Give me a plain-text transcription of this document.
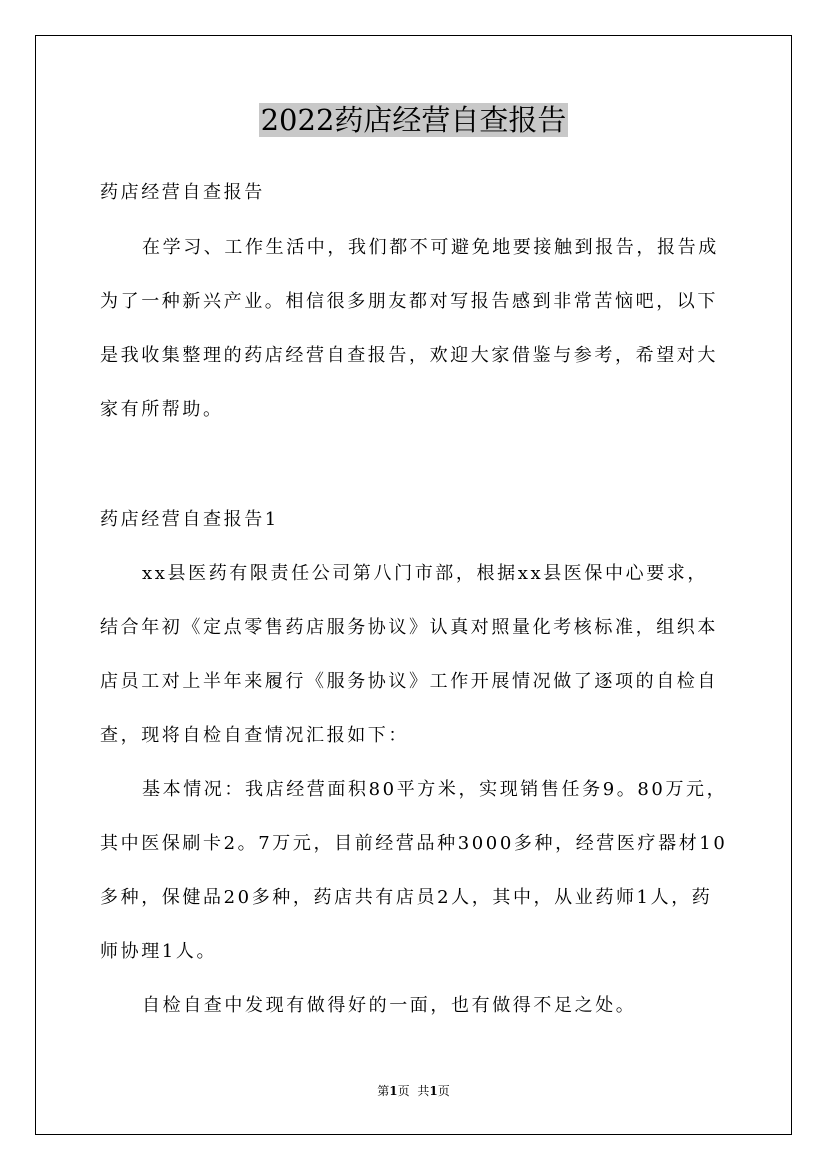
2022药店经营自查报告
药店经营自查报告
在学习、工作生活中，我们都不可避免地要接触到报告，报告成
为了一种新兴产业。相信很多朋友都对写报告感到非常苦恼吧，以下
是我收集整理的药店经营自查报告，欢迎大家借鉴与参考，希望对大
家有所帮助。
药店经营自查报告1
xx县医药有限责任公司第八门市部，根据xx县医保中心要求，
结合年初《定点零售药店服务协议》认真对照量化考核标准，组织本
店员工对上半年来履行《服务协议》工作开展情况做了逐项的自检自
查，现将自检自查情况汇报如下：
基本情况：我店经营面积80平方米，实现销售任务9。80万元，
其中医保刷卡2。7万元，目前经营品种3000多种，经营医疗器材10
多种，保健品20多种，药店共有店员2人，其中，从业药师1人，药
师协理1人。
自检自查中发现有做得好的一面，也有做得不足之处。
第1页 共1页
